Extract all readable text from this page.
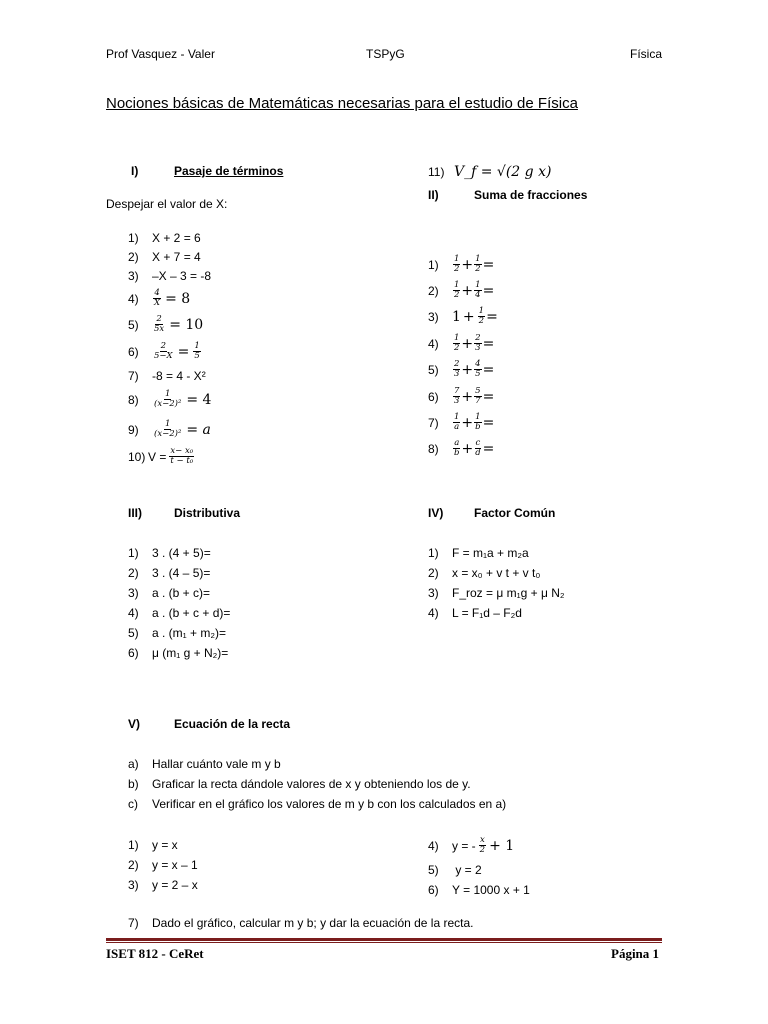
Prof Vasquez - Valer	TSPyG	Física
Nociones básicas de Matemáticas necesarias para el estudio de Física
I)	Pasaje de términos
Despejar el valor de X:
1)	X + 2 = 6
2)	X + 7 = 4
3)	–X – 3 = -8
4)	$\frac{4}{X} = 8$
5)	$\frac{2}{5x} = 10$
6)	$\frac{2}{5-X} = \frac{1}{5}$
7)	-8 = 4 - X²
8)	$\frac{1}{\text{(x−2)²}} = 4$
9)	$\frac{1}{\text{(x−2)²}} = a$
10) $V = \frac{\text{x− x₀}}{\text{t − t₀}}$
11) V_f = √(2 g x)
II)	Suma de fracciones
1)	$\frac{1}{2} + \frac{1}{2}$ =
2)	$\frac{1}{2} + \frac{1}{4}$ =
3) $1 + \frac{1}{2}$ =
4)	$\frac{1}{2} + \frac{2}{3}$ =
5)	$\frac{2}{3} + \frac{4}{5}$ =
6)	$\frac{7}{3} + \frac{5}{7}$ =
7)	$\frac{1}{a} + \frac{1}{b}$ =
8)	$\frac{a}{b} + \frac{c}{d}$ =
III)	Distributiva
1)	3 . (4 + 5)=
2)	3 . (4 – 5)=
3)	a . (b + c)=
4)	a . (b + c + d)=
5)	a . (m₁ + m₂)=
6)	μ (m₁ g + N₂)=
IV)	Factor Común
1)	F = m₁a + m₂a
2)	x = x₀ + v t + v t₀
3)	F_roz = μ m₁g + μ N₂
4)	L = F₁d – F₂d
V)	Ecuación de la recta
a)	Hallar cuánto vale m y b
b)	Graficar la recta dándole valores de x y obteniendo los de y.
c)	Verificar en el gráfico los valores de m y b con los calculados en a)
1)	y = x
2)	y = x – 1
3)	y = 2 – x
4)	y = - $\frac{x}{2} + 1$
5)	y = 2
6)	Y = 1000 x + 1
7)	Dado el gráfico, calcular m y b; y dar la ecuación de la recta.
ISET 812 - CeRet	Página 1
